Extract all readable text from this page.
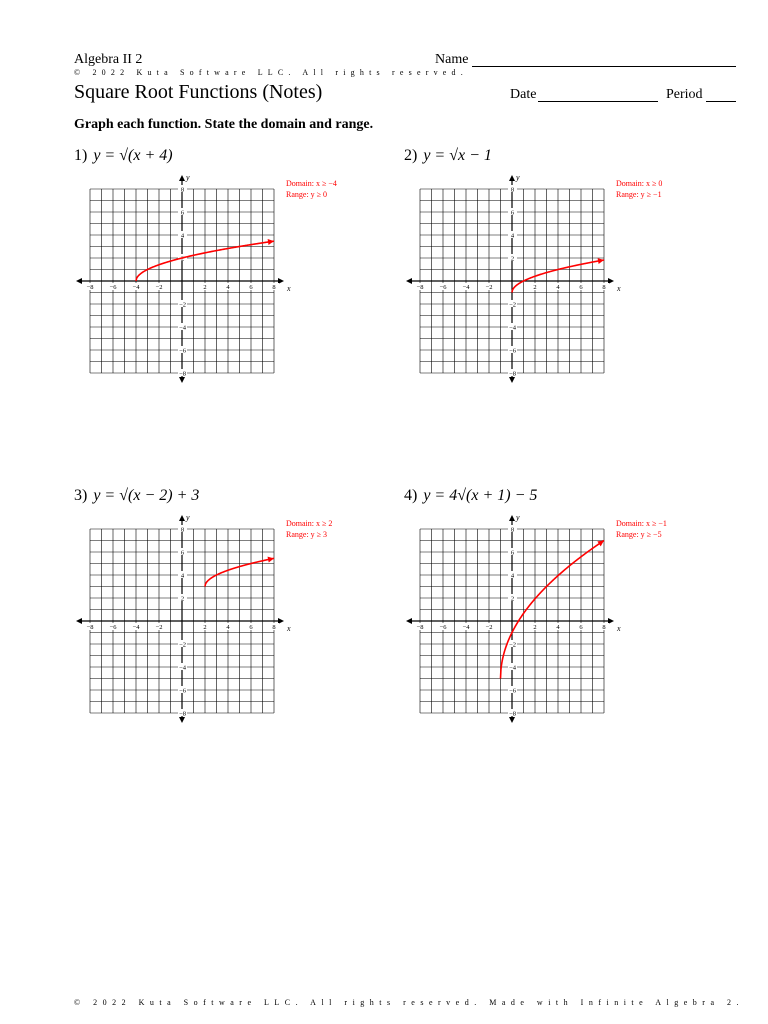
Algebra II 2	Name
© 2022 Kuta Software LLC. All rights reserved.
Square Root Functions (Notes)	Date	Period
Graph each function. State the domain and range.
1) y = √(x + 4)
x
y
−8 −6 −4 −2	2	4	6	8
8
6
4
2
−2
−4
−6
−8
Domain: x ≥ −4
Range: y ≥ 0
2) y = √x − 1
x
y
−8 −6 −4 −2	2	4	6	8
8
6
4
2
−2
−4
−6
−8
Domain: x ≥ 0
Range: y ≥ −1
3) y = √(x − 2) + 3
x
y
−8 −6 −4 −2	2	4	6	8
8
6
4
2
−2
−4
−6
−8
Domain: x ≥ 2
Range: y ≥ 3
4) y = 4√(x + 1) − 5
x
y
−8 −6 −4 −2	2	4	6	8
8
6
4
2
−2
−4
−6
−8
Domain: x ≥ −1
Range: y ≥ −5
© 2022 Kuta Software LLC. All rights reserved. Made with Infinite Algebra 2.
